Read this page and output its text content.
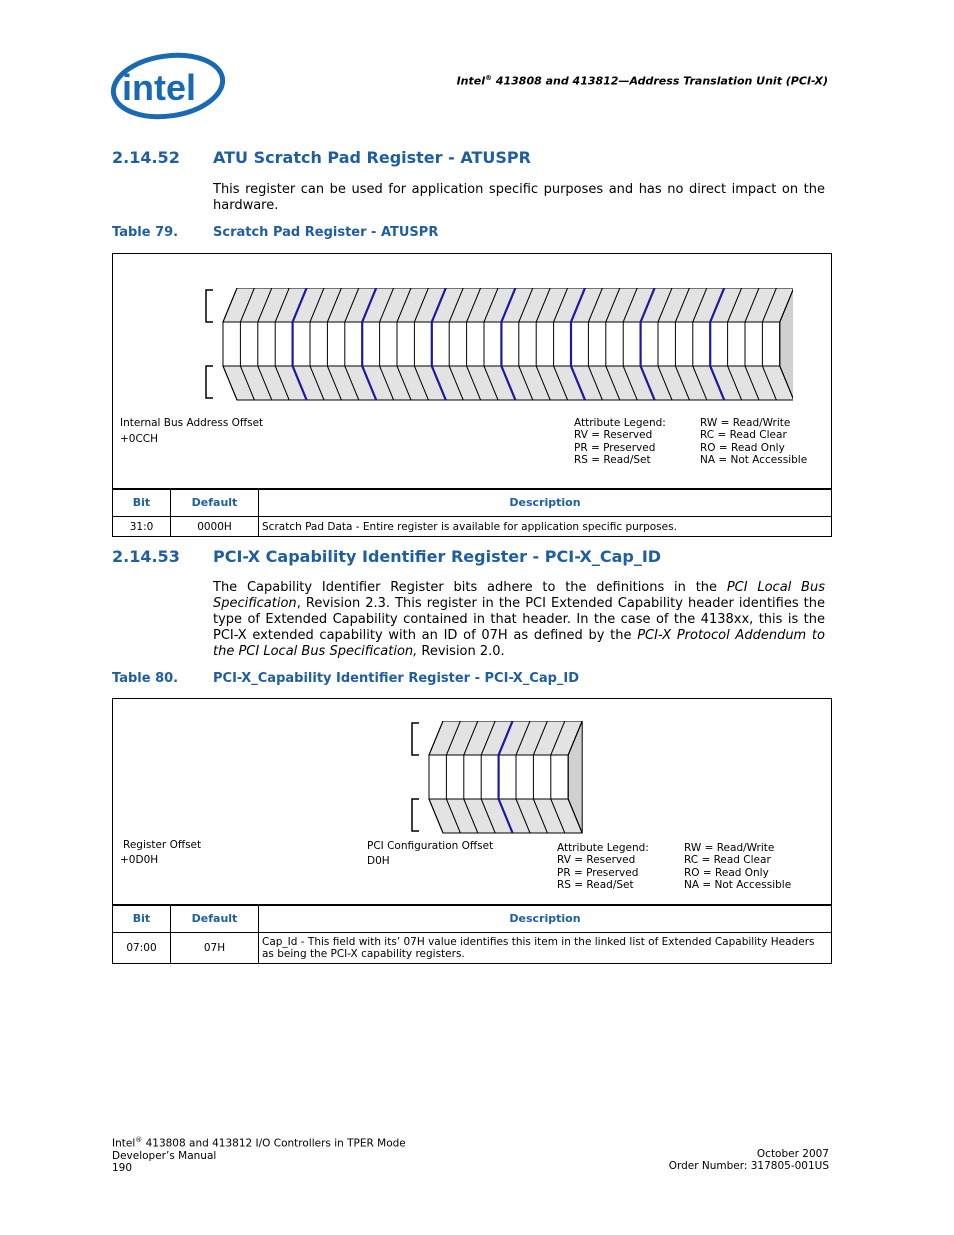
intel	Intel® 413808 and 413812—Address Translation Unit (PCI-X)
2.14.52 ATU Scratch Pad Register - ATUSPR
This register can be used for application specific purposes and has no direct impact on the hardware.
Table 79.	Scratch Pad Register - ATUSPR
Internal Bus Address Offset
+0CCH
Attribute Legend:
RV = Reserved
PR = Preserved
RS = Read/Set
RW = Read/Write
RC = Read Clear
RO = Read Only
NA = Not Accessible
Bit	Default	Description
31:0	0000H	Scratch Pad Data - Entire register is available for application specific purposes.
2.14.53 PCI-X Capability Identifier Register - PCI-X_Cap_ID
The Capability Identifier Register bits adhere to the definitions in the PCI Local Bus Specification, Revision 2.3. This register in the PCI Extended Capability header identifies the type of Extended Capability contained in that header. In the case of the 4138xx, this is the PCI-X extended capability with an ID of 07H as defined by the PCI-X Protocol Addendum to the PCI Local Bus Specification, Revision 2.0.
Table 80.	PCI-X_Capability Identifier Register - PCI-X_Cap_ID
Register Offset
+0D0H
PCI Configuration Offset
D0H
Attribute Legend:
RV = Reserved
PR = Preserved
RS = Read/Set
RW = Read/Write
RC = Read Clear
RO = Read Only
NA = Not Accessible
Bit	Default	Description
07:00	07H	Cap_Id - This field with its’ 07H value identifies this item in the linked list of Extended Capability Headers as being the PCI-X capability registers.
Intel® 413808 and 413812 I/O Controllers in TPER Mode
Developer’s Manual
190
October 2007
Order Number: 317805-001US
